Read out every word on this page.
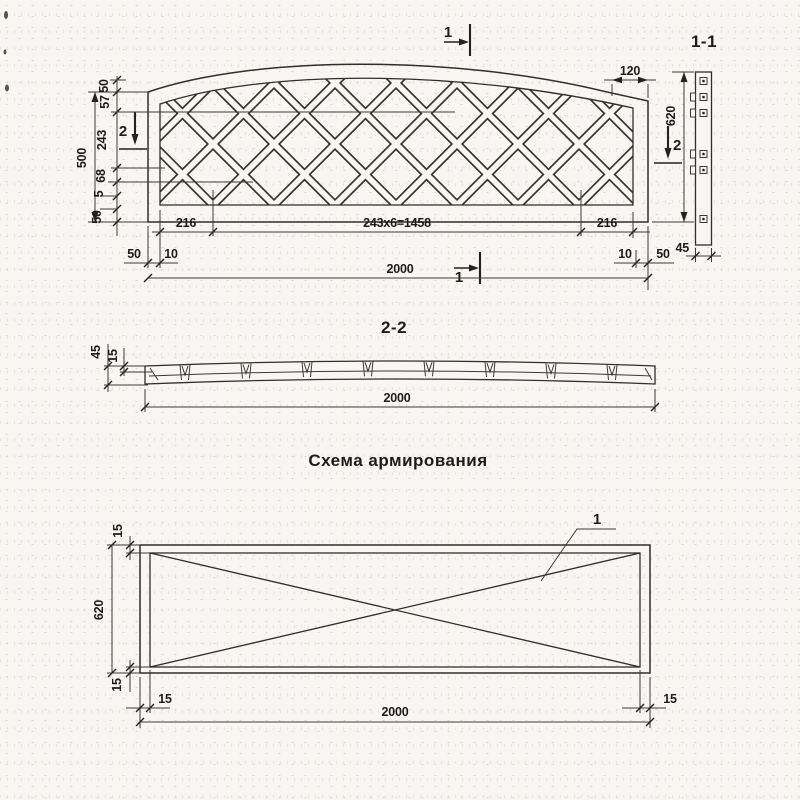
1
1
2
2
500
50
57
243
68
5
50	216	243x6=1458	216
50 10	10 50
2000
120
620
1-1
45
2-2
45 15
2000
Схема армирования
1
15
620
15
15
2000
15
